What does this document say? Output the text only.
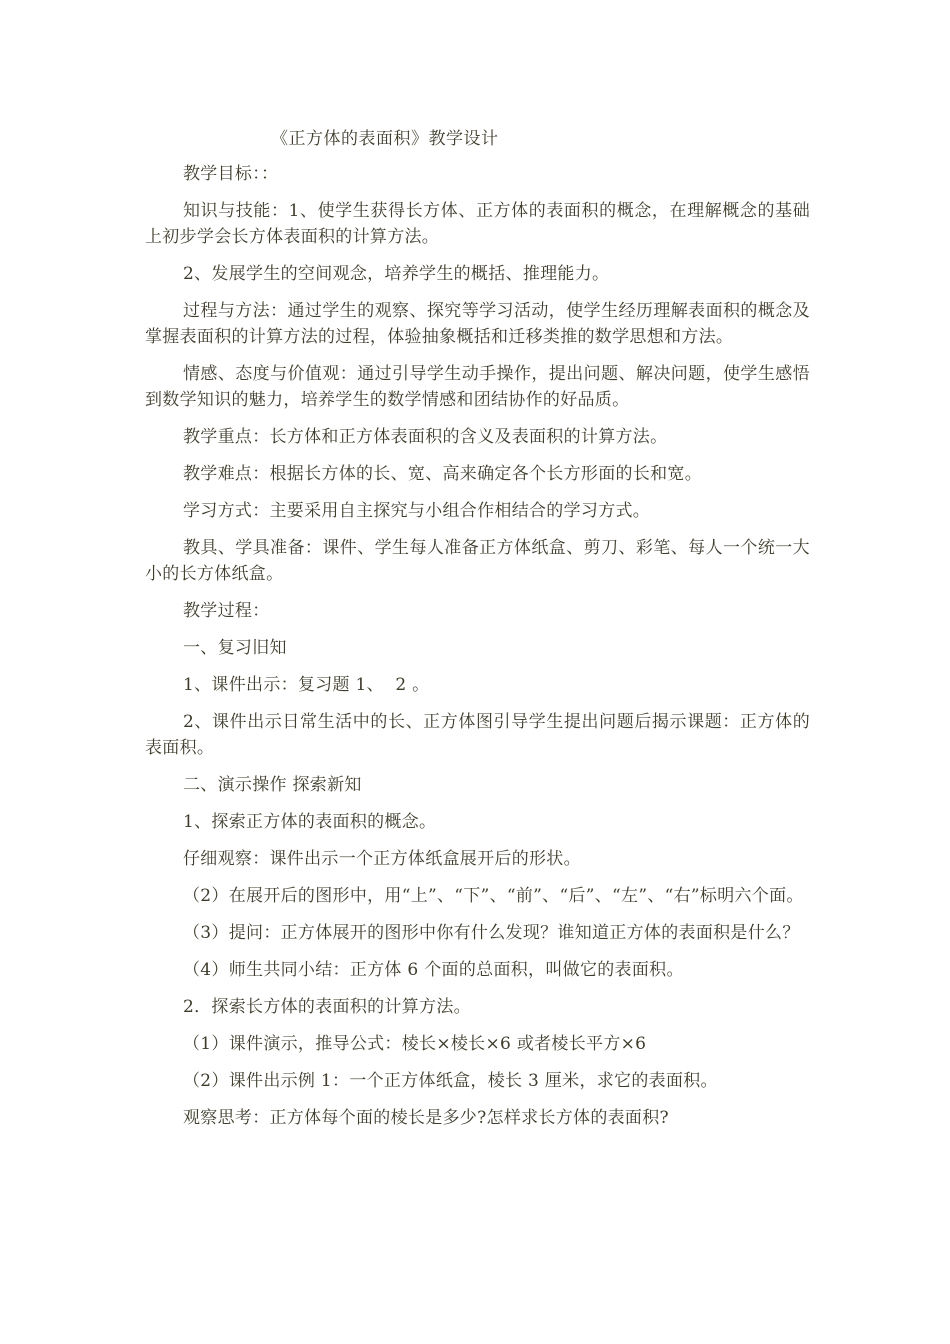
《正方体的表面积》教学设计

教学目标：：

知识与技能：1、使学生获得长方体、正方体的表面积的概念，在理解概念的基础上初步学会长方体表面积的计算方法。

2、发展学生的空间观念，培养学生的概括、推理能力。

过程与方法：通过学生的观察、探究等学习活动，使学生经历理解表面积的概念及掌握表面积的计算方法的过程，体验抽象概括和迁移类推的数学思想和方法。

情感、态度与价值观：通过引导学生动手操作，提出问题、解决问题，使学生感悟到数学知识的魅力，培养学生的数学情感和团结协作的好品质。

教学重点：长方体和正方体表面积的含义及表面积的计算方法。

教学难点：根据长方体的长、宽、高来确定各个长方形面的长和宽。

学习方式：主要采用自主探究与小组合作相结合的学习方式。

教具、学具准备：课件、学生每人准备正方体纸盒、剪刀、彩笔、每人一个统一大小的长方体纸盒。

教学过程：

一、复习旧知

1、课件出示：复习题 1、  2 。

2、课件出示日常生活中的长、正方体图引导学生提出问题后揭示课题：正方体的表面积。

二、演示操作 探索新知

1、探索正方体的表面积的概念。

仔细观察：课件出示一个正方体纸盒展开后的形状。

（2）在展开后的图形中，用“上”、“下”、“前”、“后”、“左”、“右”标明六个面。

（3）提问：正方体展开的图形中你有什么发现？谁知道正方体的表面积是什么？

（4）师生共同小结：正方体 6 个面的总面积，叫做它的表面积。

2．探索长方体的表面积的计算方法。

（1）课件演示，推导公式：棱长×棱长×6 或者棱长平方×6

（2）课件出示例 1：一个正方体纸盒，棱长 3 厘米，求它的表面积。

观察思考：正方体每个面的棱长是多少?怎样求长方体的表面积?
